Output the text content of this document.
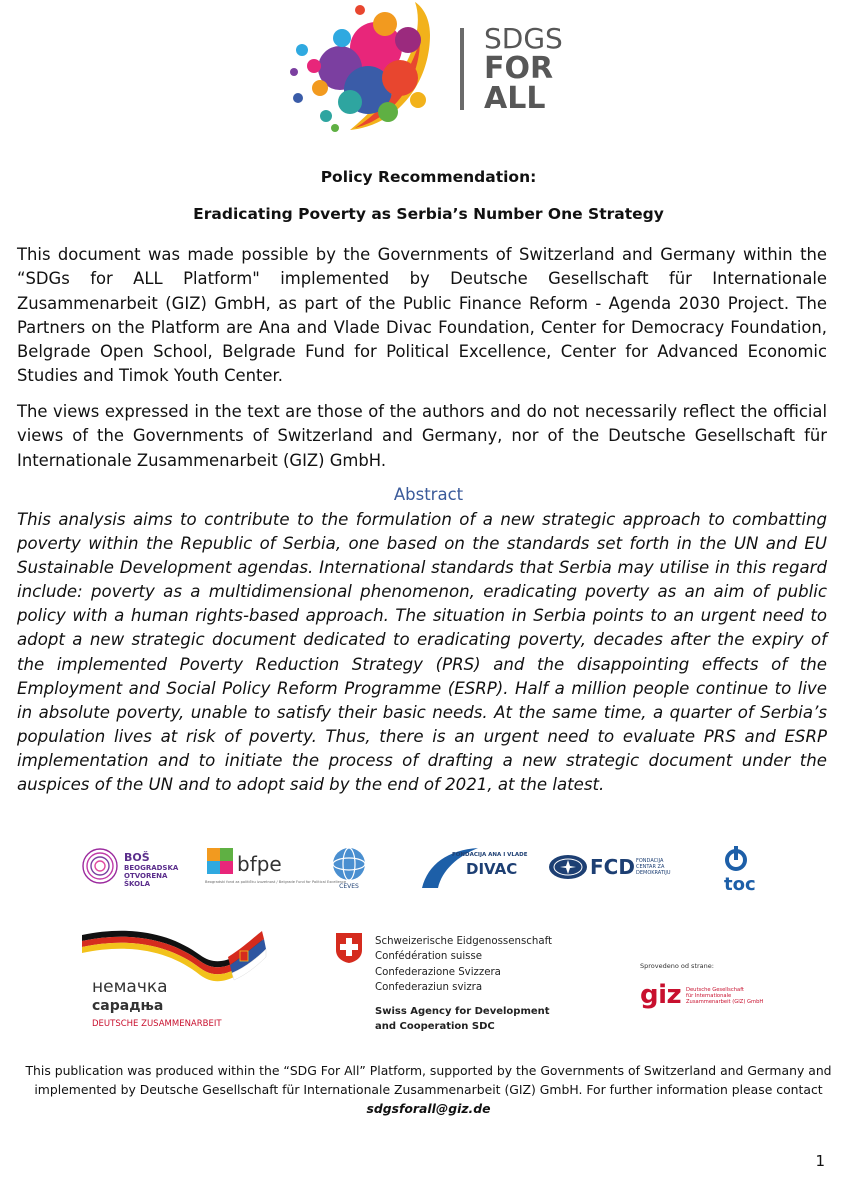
SDGS
FOR
ALL
Policy Recommendation:
Eradicating Poverty as Serbia’s Number One Strategy

This document was made possible by the Governments of Switzerland and Germany within the “SDGs for ALL Platform" implemented by Deutsche Gesellschaft für Internationale Zusammenarbeit (GIZ) GmbH, as part of the Public Finance Reform - Agenda 2030 Project. The Partners on the Platform are Ana and Vlade Divac Foundation, Center for Democracy Foundation, Belgrade Open School, Belgrade Fund for Political Excellence, Center for Advanced Economic Studies and Timok Youth Center.

The views expressed in the text are those of the authors and do not necessarily reflect the official views of the Governments of Switzerland and Germany, nor of the Deutsche Gesellschaft für Internationale Zusammenarbeit (GIZ) GmbH.

Abstract

This analysis aims to contribute to the formulation of a new strategic approach to combatting poverty within the Republic of Serbia, one based on the standards set forth in the UN and EU Sustainable Development agendas. International standards that Serbia may utilise in this regard include: poverty as a multidimensional phenomenon, eradicating poverty as an aim of public policy with a human rights-based approach. The situation in Serbia points to an urgent need to adopt a new strategic document dedicated to eradicating poverty, decades after the expiry of the implemented Poverty Reduction Strategy (PRS) and the disappointing effects of the Employment and Social Policy Reform Programme (ESRP). Half a million people continue to live in absolute poverty, unable to satisfy their basic needs. At the same time, a quarter of Serbia’s population lives at risk of poverty. Thus, there is an urgent need to evaluate PRS and ESRP implementation and to initiate the process of drafting a new strategic document under the auspices of the UN and to adopt said by the end of 2021, at the latest.

BOŠ
BEOGRADSKA
OTVORENA
ŠKOLA
bfpe
Beogradski fond za političku izuzetnost / Belgrade Fund for Political Excellence
CEVES
FONDACIJA ANA I VLADE
DIVAC	FCD FONDACIJA
CENTAR ZA
DEMOKRATIJU
toc
немачка
сарадња
DEUTSCHE ZUSAMMENARBEIT
Schweizerische Eidgenossenschaft
Confédération suisse
Confederazione Svizzera
Confederaziun svizra
Swiss Agency for Development
and Cooperation SDC
Sprovedeno od strane:
giz Deutsche Gesellschaft
für Internationale
Zusammenarbeit (GIZ) GmbH
This publication was produced within the “SDG For All” Platform, supported by the Governments of Switzerland and Germany and implemented by Deutsche Gesellschaft für Internationale Zusammenarbeit (GIZ) GmbH. For further information please contact
sdgsforall@giz.de
1
